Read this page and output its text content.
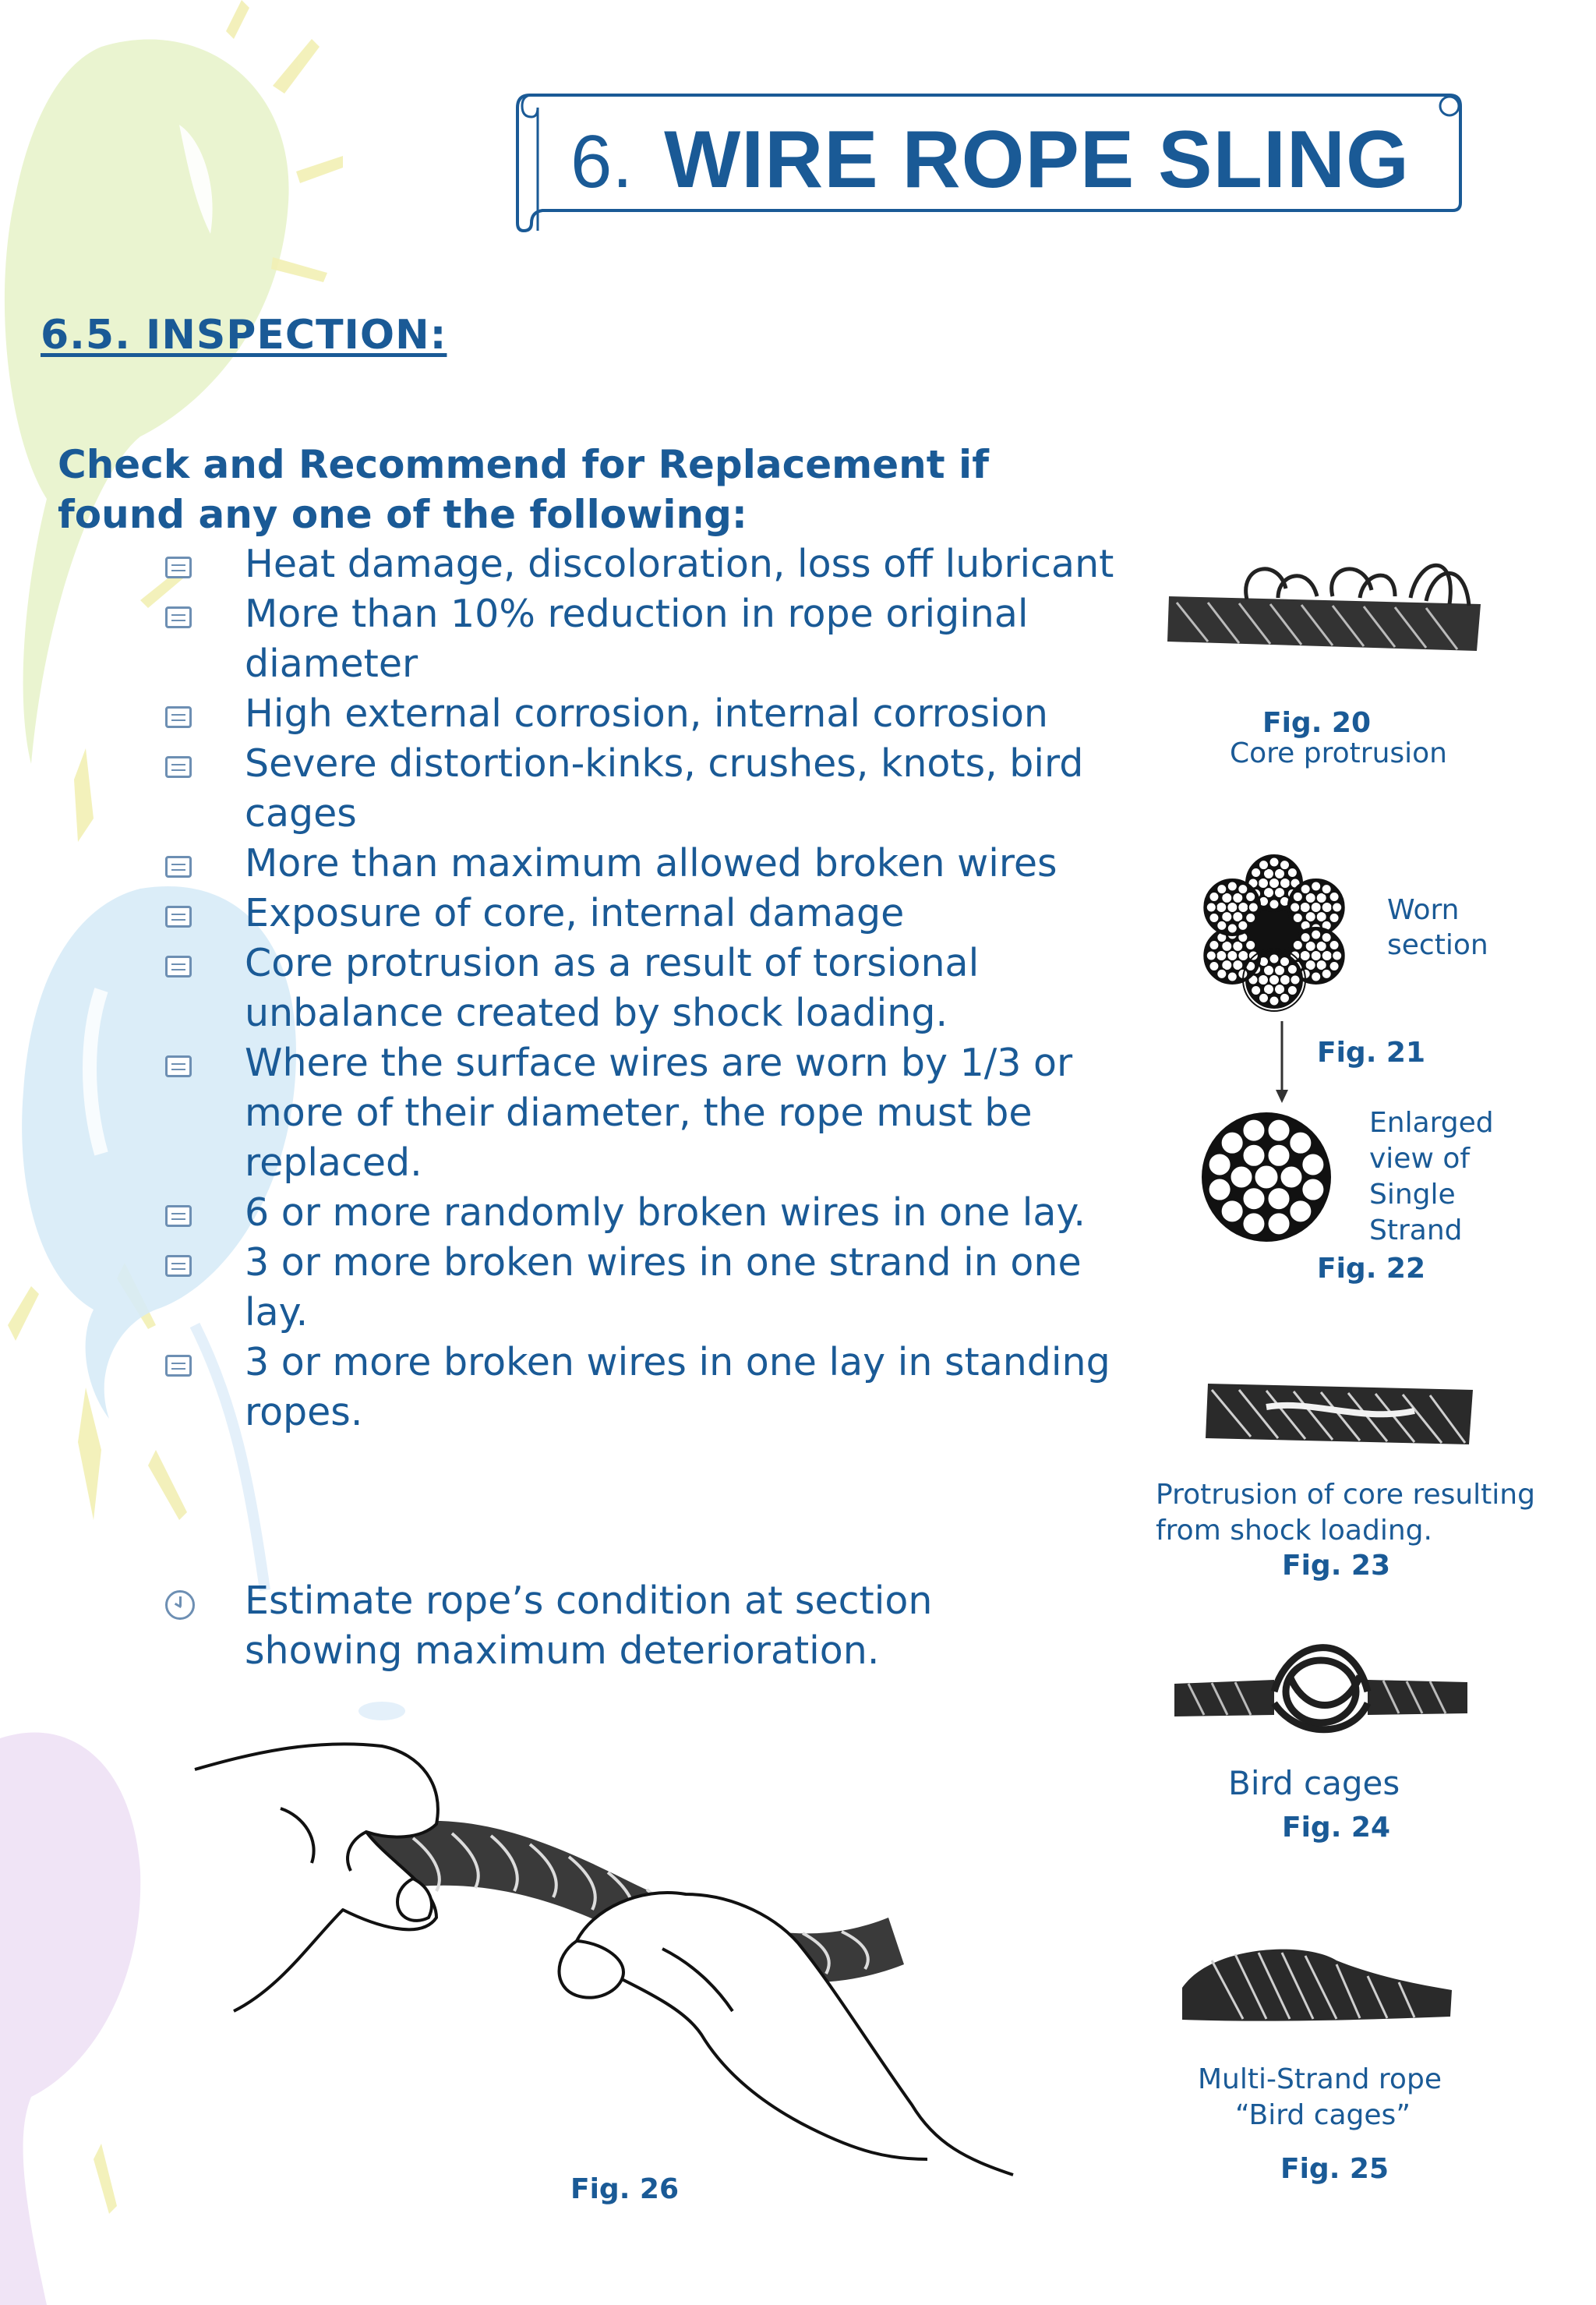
6. WIRE ROPE SLING
6.5. INSPECTION:
Check and Recommend for Replacement if
found any one of the following:
Heat damage, discoloration, loss off lubricant
More than 10% reduction in rope original
diameter
High external corrosion, internal corrosion
Severe distortion-kinks, crushes, knots, bird
cages
More than maximum allowed broken wires
Exposure of core, internal damage
Core protrusion as a result of torsional
unbalance created by shock loading.
Where the surface wires are worn by 1/3 or
more of their diameter, the rope must be
replaced.
6 or more randomly broken wires in one lay.
3 or more broken wires in one strand in one
lay.
3 or more broken wires in one lay in standing
ropes.
Estimate rope’s condition at section
showing maximum deterioration.
Fig. 20
Core protrusion
Worn
section
Fig. 21
Enlarged
view of
Single
Strand
Fig. 22
Protrusion of core resulting
from shock loading.
Fig. 23
Bird cages
Fig. 24
Multi-Strand rope
“Bird cages”
Fig. 25
Fig. 26
